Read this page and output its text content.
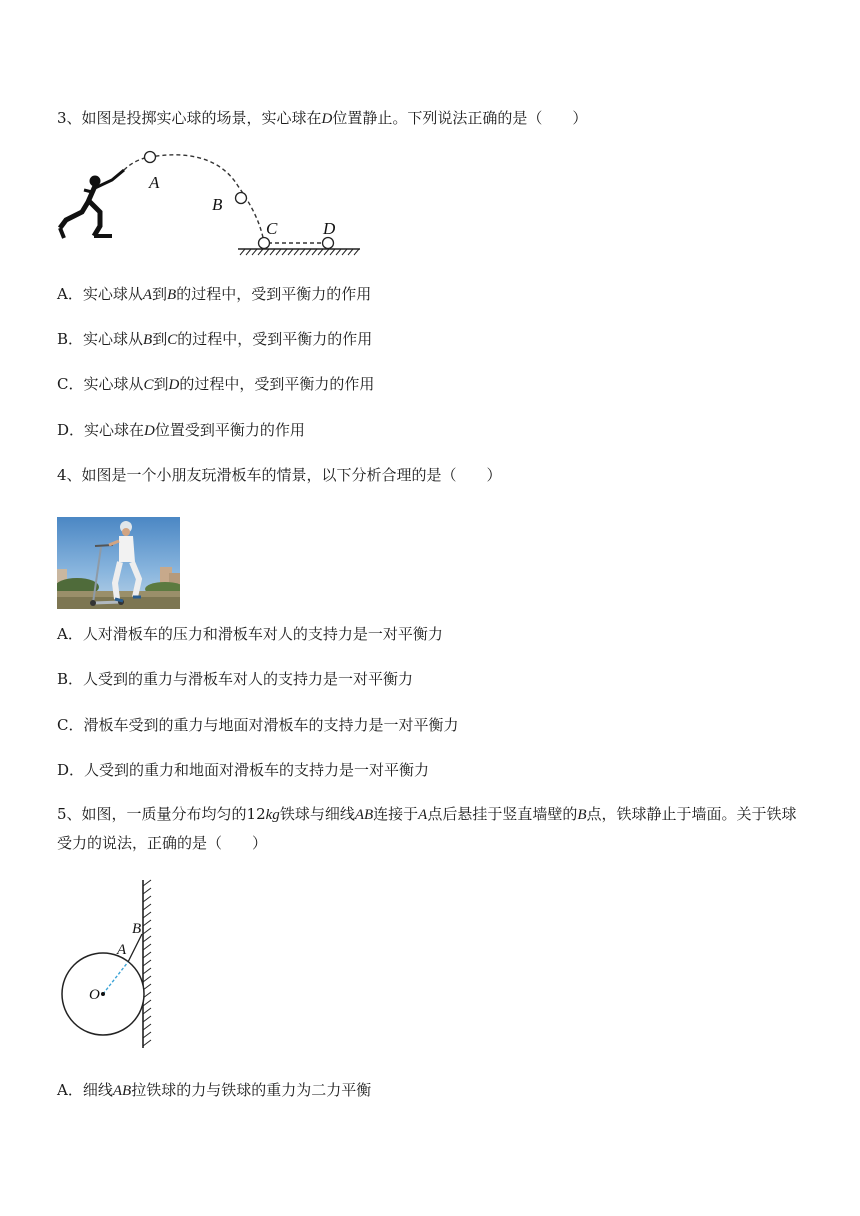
3、如图是投掷实心球的场景，实心球在D位置静止。下列说法正确的是（　　）
A
B
C	D
A．实心球从A到B的过程中，受到平衡力的作用
B．实心球从B到C的过程中，受到平衡力的作用
C．实心球从C到D的过程中，受到平衡力的作用
D．实心球在D位置受到平衡力的作用
4、如图是一个小朋友玩滑板车的情景，以下分析合理的是（　　）
A．人对滑板车的压力和滑板车对人的支持力是一对平衡力
B．人受到的重力与滑板车对人的支持力是一对平衡力
C．滑板车受到的重力与地面对滑板车的支持力是一对平衡力
D．人受到的重力和地面对滑板车的支持力是一对平衡力
5、如图，一质量分布均匀的12kg铁球与细线AB连接于A点后悬挂于竖直墙壁的B点，铁球静止于墙面。关于铁球受力的说法，正确的是（　　）
B
A
O
A．细线AB拉铁球的力与铁球的重力为二力平衡
